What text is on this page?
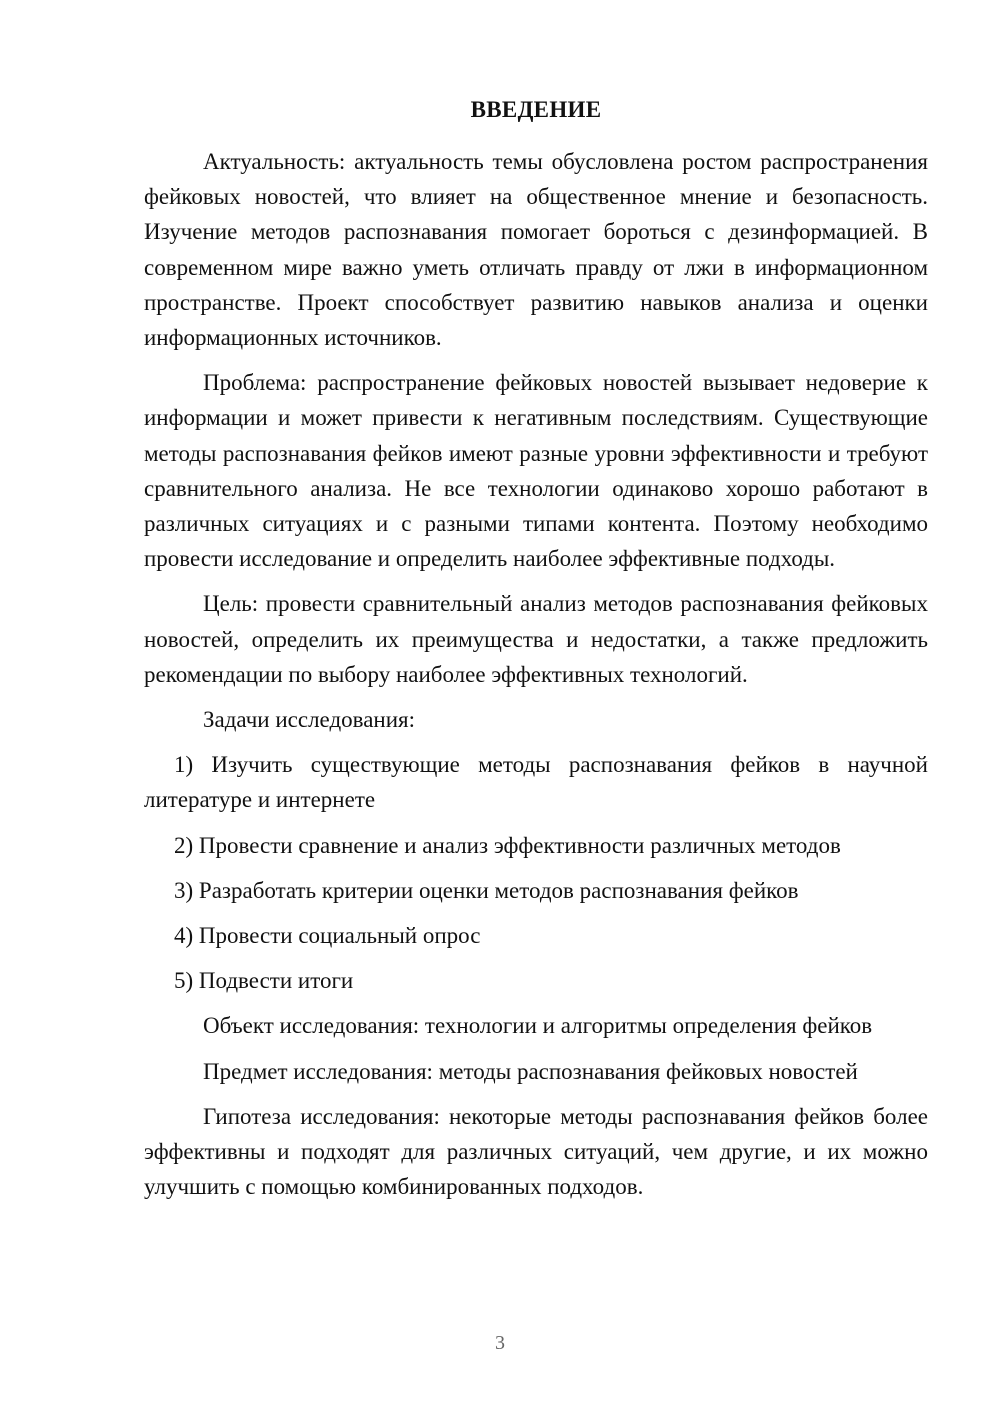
ВВЕДЕНИЕ

Актуальность: актуальность темы обусловлена ростом распространения фейковых новостей, что влияет на общественное мнение и безопасность. Изучение методов распознавания помогает бороться с дезинформацией. В современном мире важно уметь отличать правду от лжи в информационном пространстве. Проект способствует развитию навыков анализа и оценки информационных источников.

Проблема: распространение фейковых новостей вызывает недоверие к информации и может привести к негативным последствиям. Существующие методы распознавания фейков имеют разные уровни эффективности и требуют сравнительного анализа. Не все технологии одинаково хорошо работают в различных ситуациях и с разными типами контента. Поэтому необходимо провести исследование и определить наиболее эффективные подходы.

Цель: провести сравнительный анализ методов распознавания фейковых новостей, определить их преимущества и недостатки, а также предложить рекомендации по выбору наиболее эффективных технологий.

Задачи исследования:

1) Изучить существующие методы распознавания фейков в научной литературе и интернете

2) Провести сравнение и анализ эффективности различных методов

3) Разработать критерии оценки методов распознавания фейков

4) Провести социальный опрос

5) Подвести итоги

Объект исследования: технологии и алгоритмы определения фейков

Предмет исследования: методы распознавания фейковых новостей

Гипотеза исследования: некоторые методы распознавания фейков более эффективны и подходят для различных ситуаций, чем другие, и их можно улучшить с помощью комбинированных подходов.

3
